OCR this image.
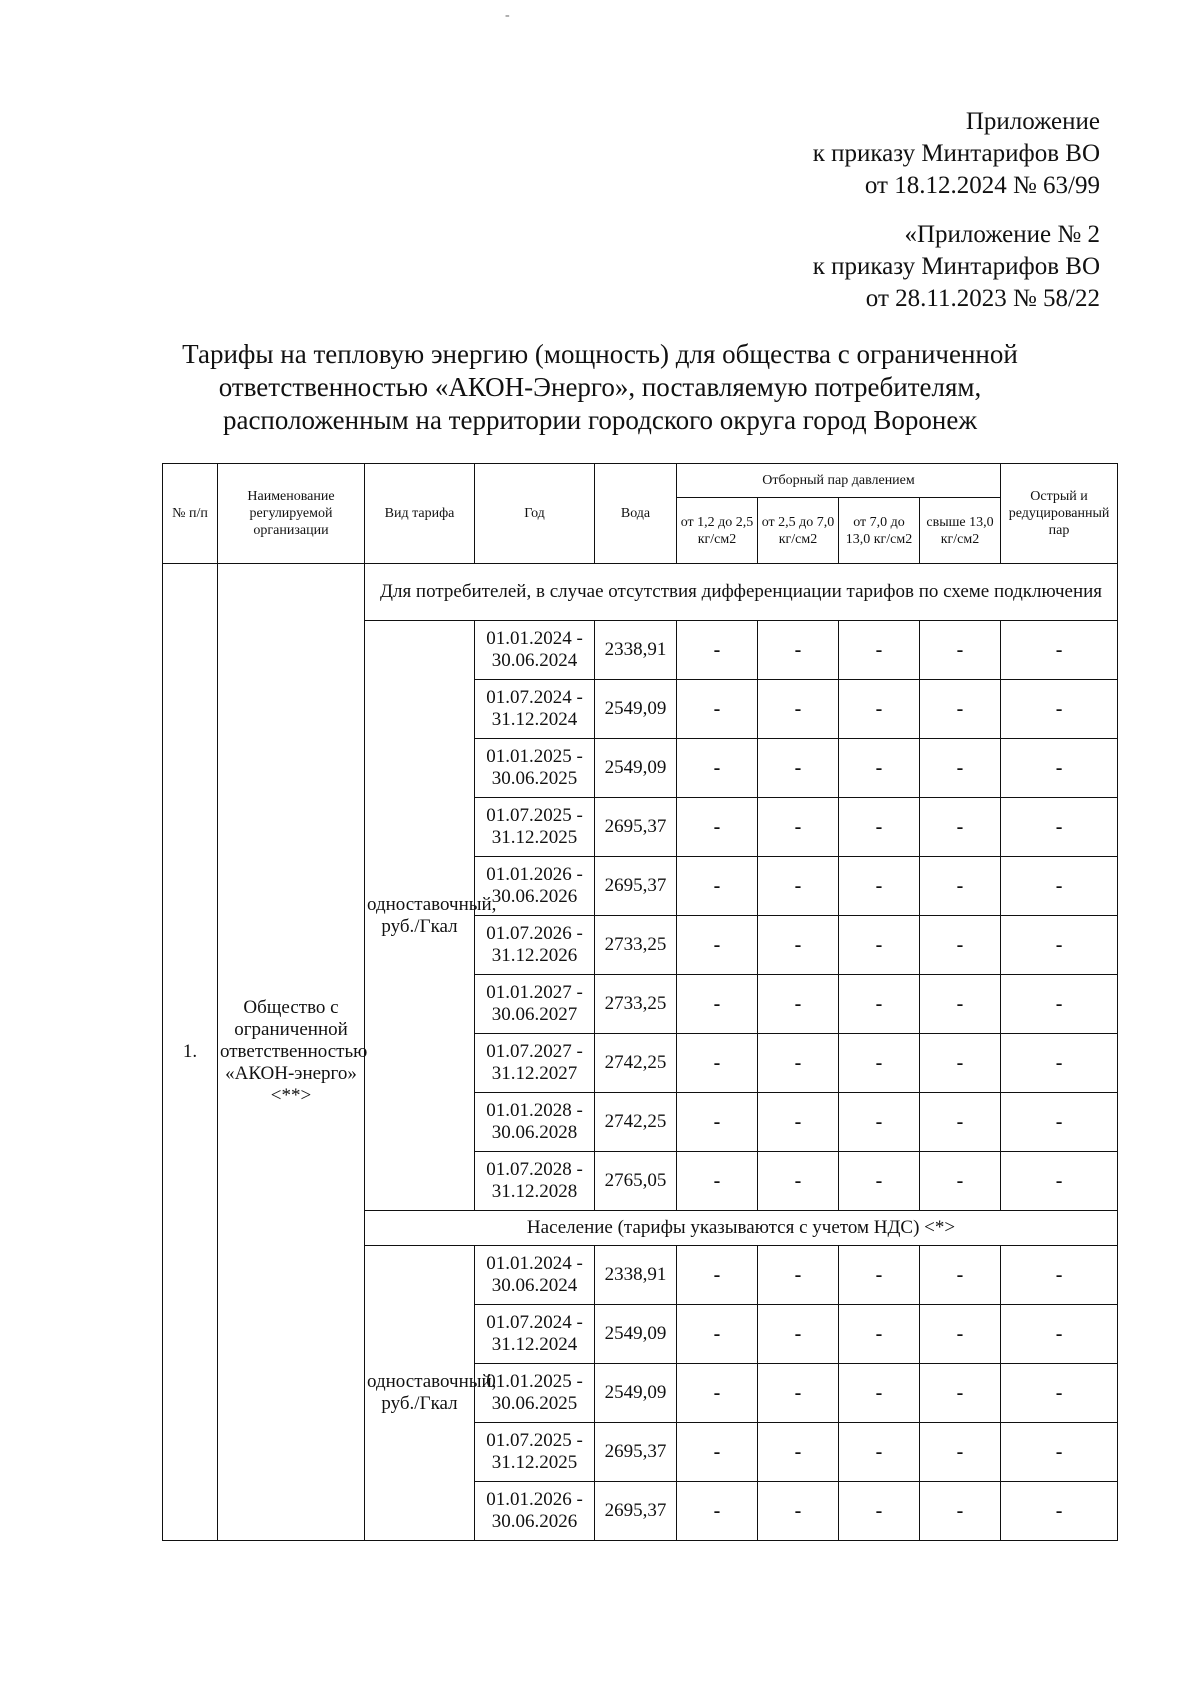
-
Приложение
к приказу Минтарифов ВО
от 18.12.2024 № 63/99
«Приложение № 2
к приказу Минтарифов ВО
от 28.11.2023 № 58/22
Тарифы на тепловую энергию (мощность) для общества с ограниченной
ответственностью «АКОН-Энерго», поставляемую потребителям,
расположенным на территории городского округа город Воронеж
№ п/п	Наименование регулируемой организации	Вид тарифа	Год	Вода	Отборный пар давлением				Острый и редуцированный пар
					от 1,2 до 2,5 кг/см2	от 2,5 до 7,0 кг/см2	от 7,0 до 13,0 кг/см2	свыше 13,0 кг/см2	
1.	Общество с ограниченной ответственностью «АКОН-энерго» <**>	Для потребителей, в случае отсутствия дифференциации тарифов по схеме подключения							
		одноставочный, руб./Гкал	01.01.2024 - 30.06.2024	2338,91	-	-	-	-	-
			01.07.2024 - 31.12.2024	2549,09	-	-	-	-	-
			01.01.2025 - 30.06.2025	2549,09	-	-	-	-	-
			01.07.2025 - 31.12.2025	2695,37	-	-	-	-	-
			01.01.2026 - 30.06.2026	2695,37	-	-	-	-	-
			01.07.2026 - 31.12.2026	2733,25	-	-	-	-	-
			01.01.2027 - 30.06.2027	2733,25	-	-	-	-	-
			01.07.2027 - 31.12.2027	2742,25	-	-	-	-	-
			01.01.2028 - 30.06.2028	2742,25	-	-	-	-	-
			01.07.2028 - 31.12.2028	2765,05	-	-	-	-	-
		Население (тарифы указываются с учетом НДС) <*>							
		одноставочный, руб./Гкал	01.01.2024 - 30.06.2024	2338,91	-	-	-	-	-
			01.07.2024 - 31.12.2024	2549,09	-	-	-	-	-
			01.01.2025 - 30.06.2025	2549,09	-	-	-	-	-
			01.07.2025 - 31.12.2025	2695,37	-	-	-	-	-
			01.01.2026 - 30.06.2026	2695,37	-	-	-	-	-
